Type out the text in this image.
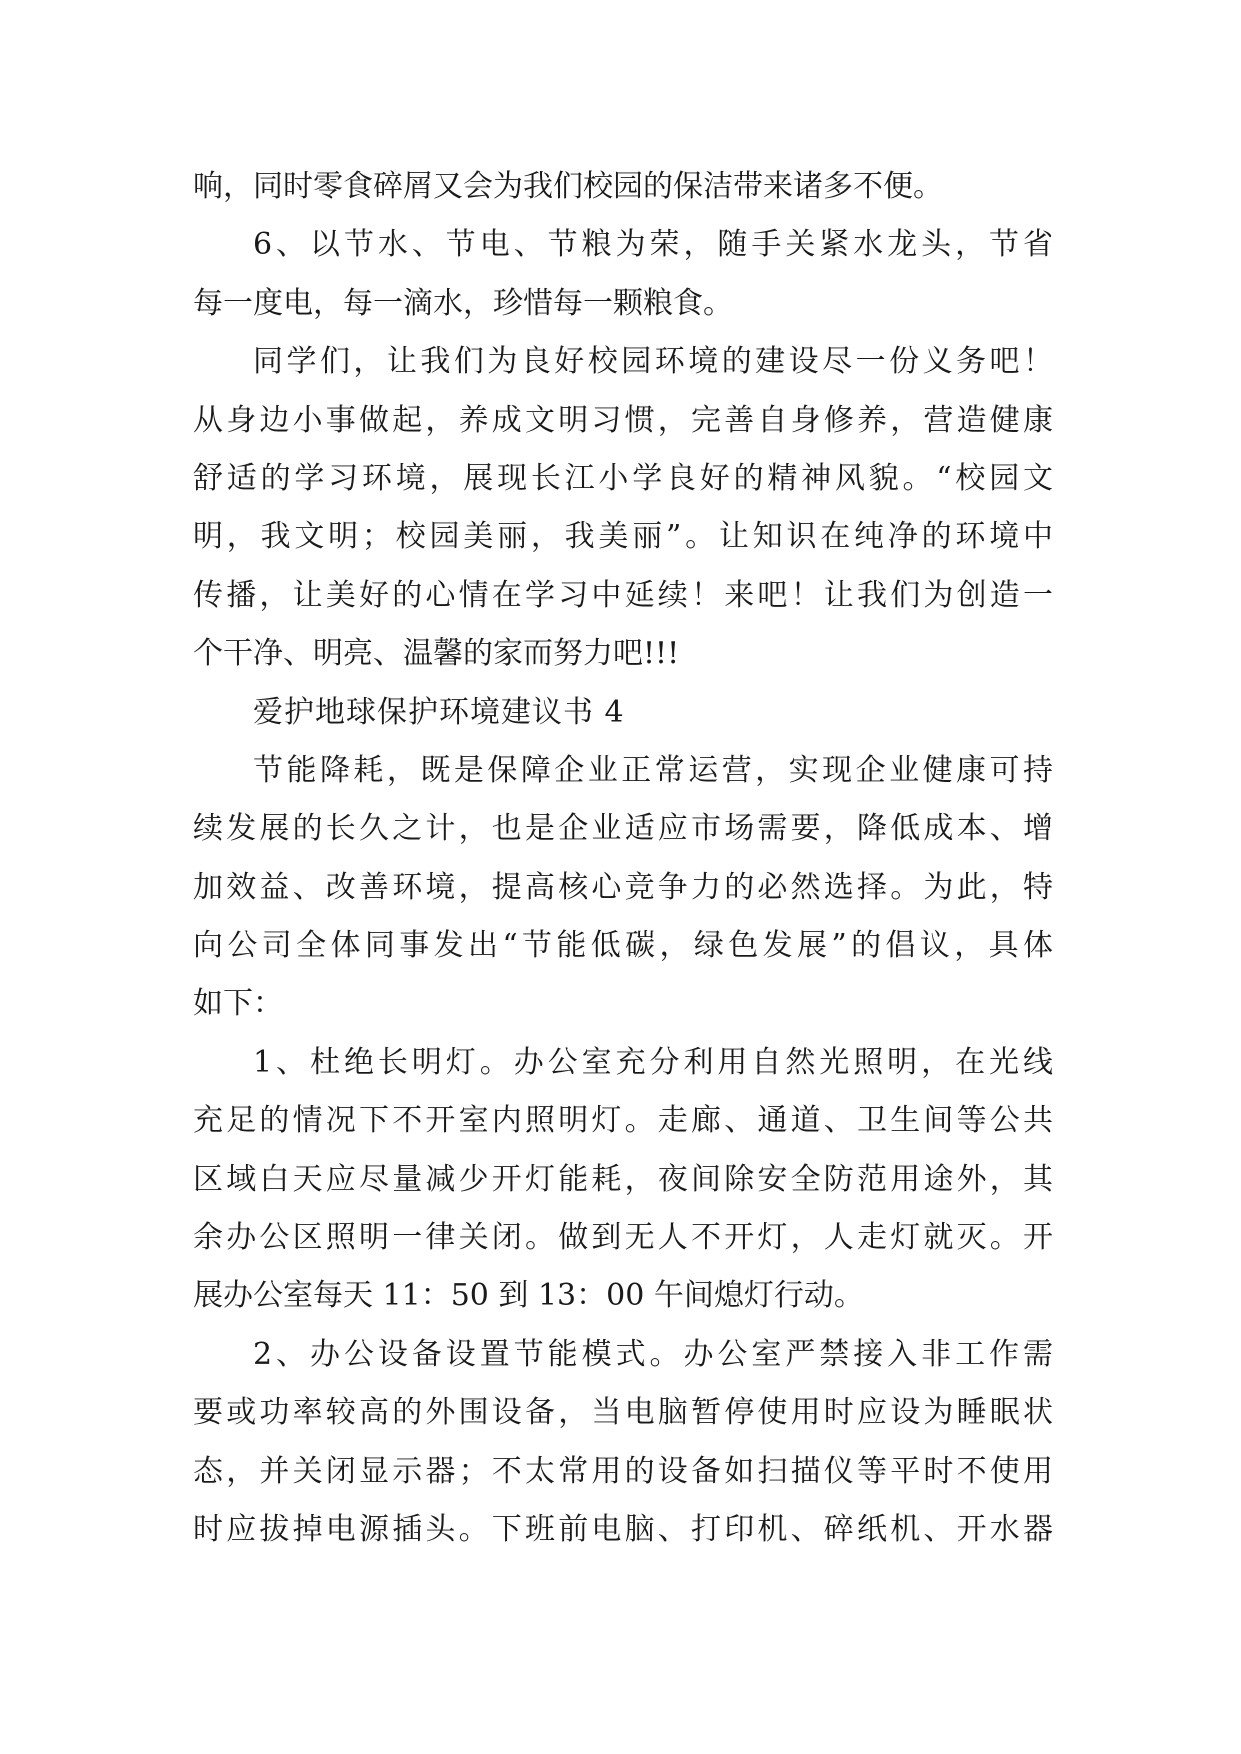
响，同时零食碎屑又会为我们校园的保洁带来诸多不便。
6、以节水、节电、节粮为荣，随手关紧水龙头，节省
每一度电，每一滴水，珍惜每一颗粮食。
同学们，让我们为良好校园环境的建设尽一份义务吧！
从身边小事做起，养成文明习惯，完善自身修养，营造健康
舒适的学习环境，展现长江小学良好的精神风貌。“校园文
明，我文明；校园美丽，我美丽”。让知识在纯净的环境中
传播，让美好的心情在学习中延续！来吧！让我们为创造一
个干净、明亮、温馨的家而努力吧!!!
爱护地球保护环境建议书 4
节能降耗，既是保障企业正常运营，实现企业健康可持
续发展的长久之计，也是企业适应市场需要，降低成本、增
加效益、改善环境，提高核心竞争力的必然选择。为此，特
向公司全体同事发出“节能低碳，绿色发展”的倡议，具体
如下：
1、杜绝长明灯。办公室充分利用自然光照明，在光线
充足的情况下不开室内照明灯。走廊、通道、卫生间等公共
区域白天应尽量减少开灯能耗，夜间除安全防范用途外，其
余办公区照明一律关闭。做到无人不开灯，人走灯就灭。开
展办公室每天 11：50 到 13：00 午间熄灯行动。
2、办公设备设置节能模式。办公室严禁接入非工作需
要或功率较高的外围设备，当电脑暂停使用时应设为睡眠状
态，并关闭显示器；不太常用的设备如扫描仪等平时不使用
时应拔掉电源插头。下班前电脑、打印机、碎纸机、开水器
